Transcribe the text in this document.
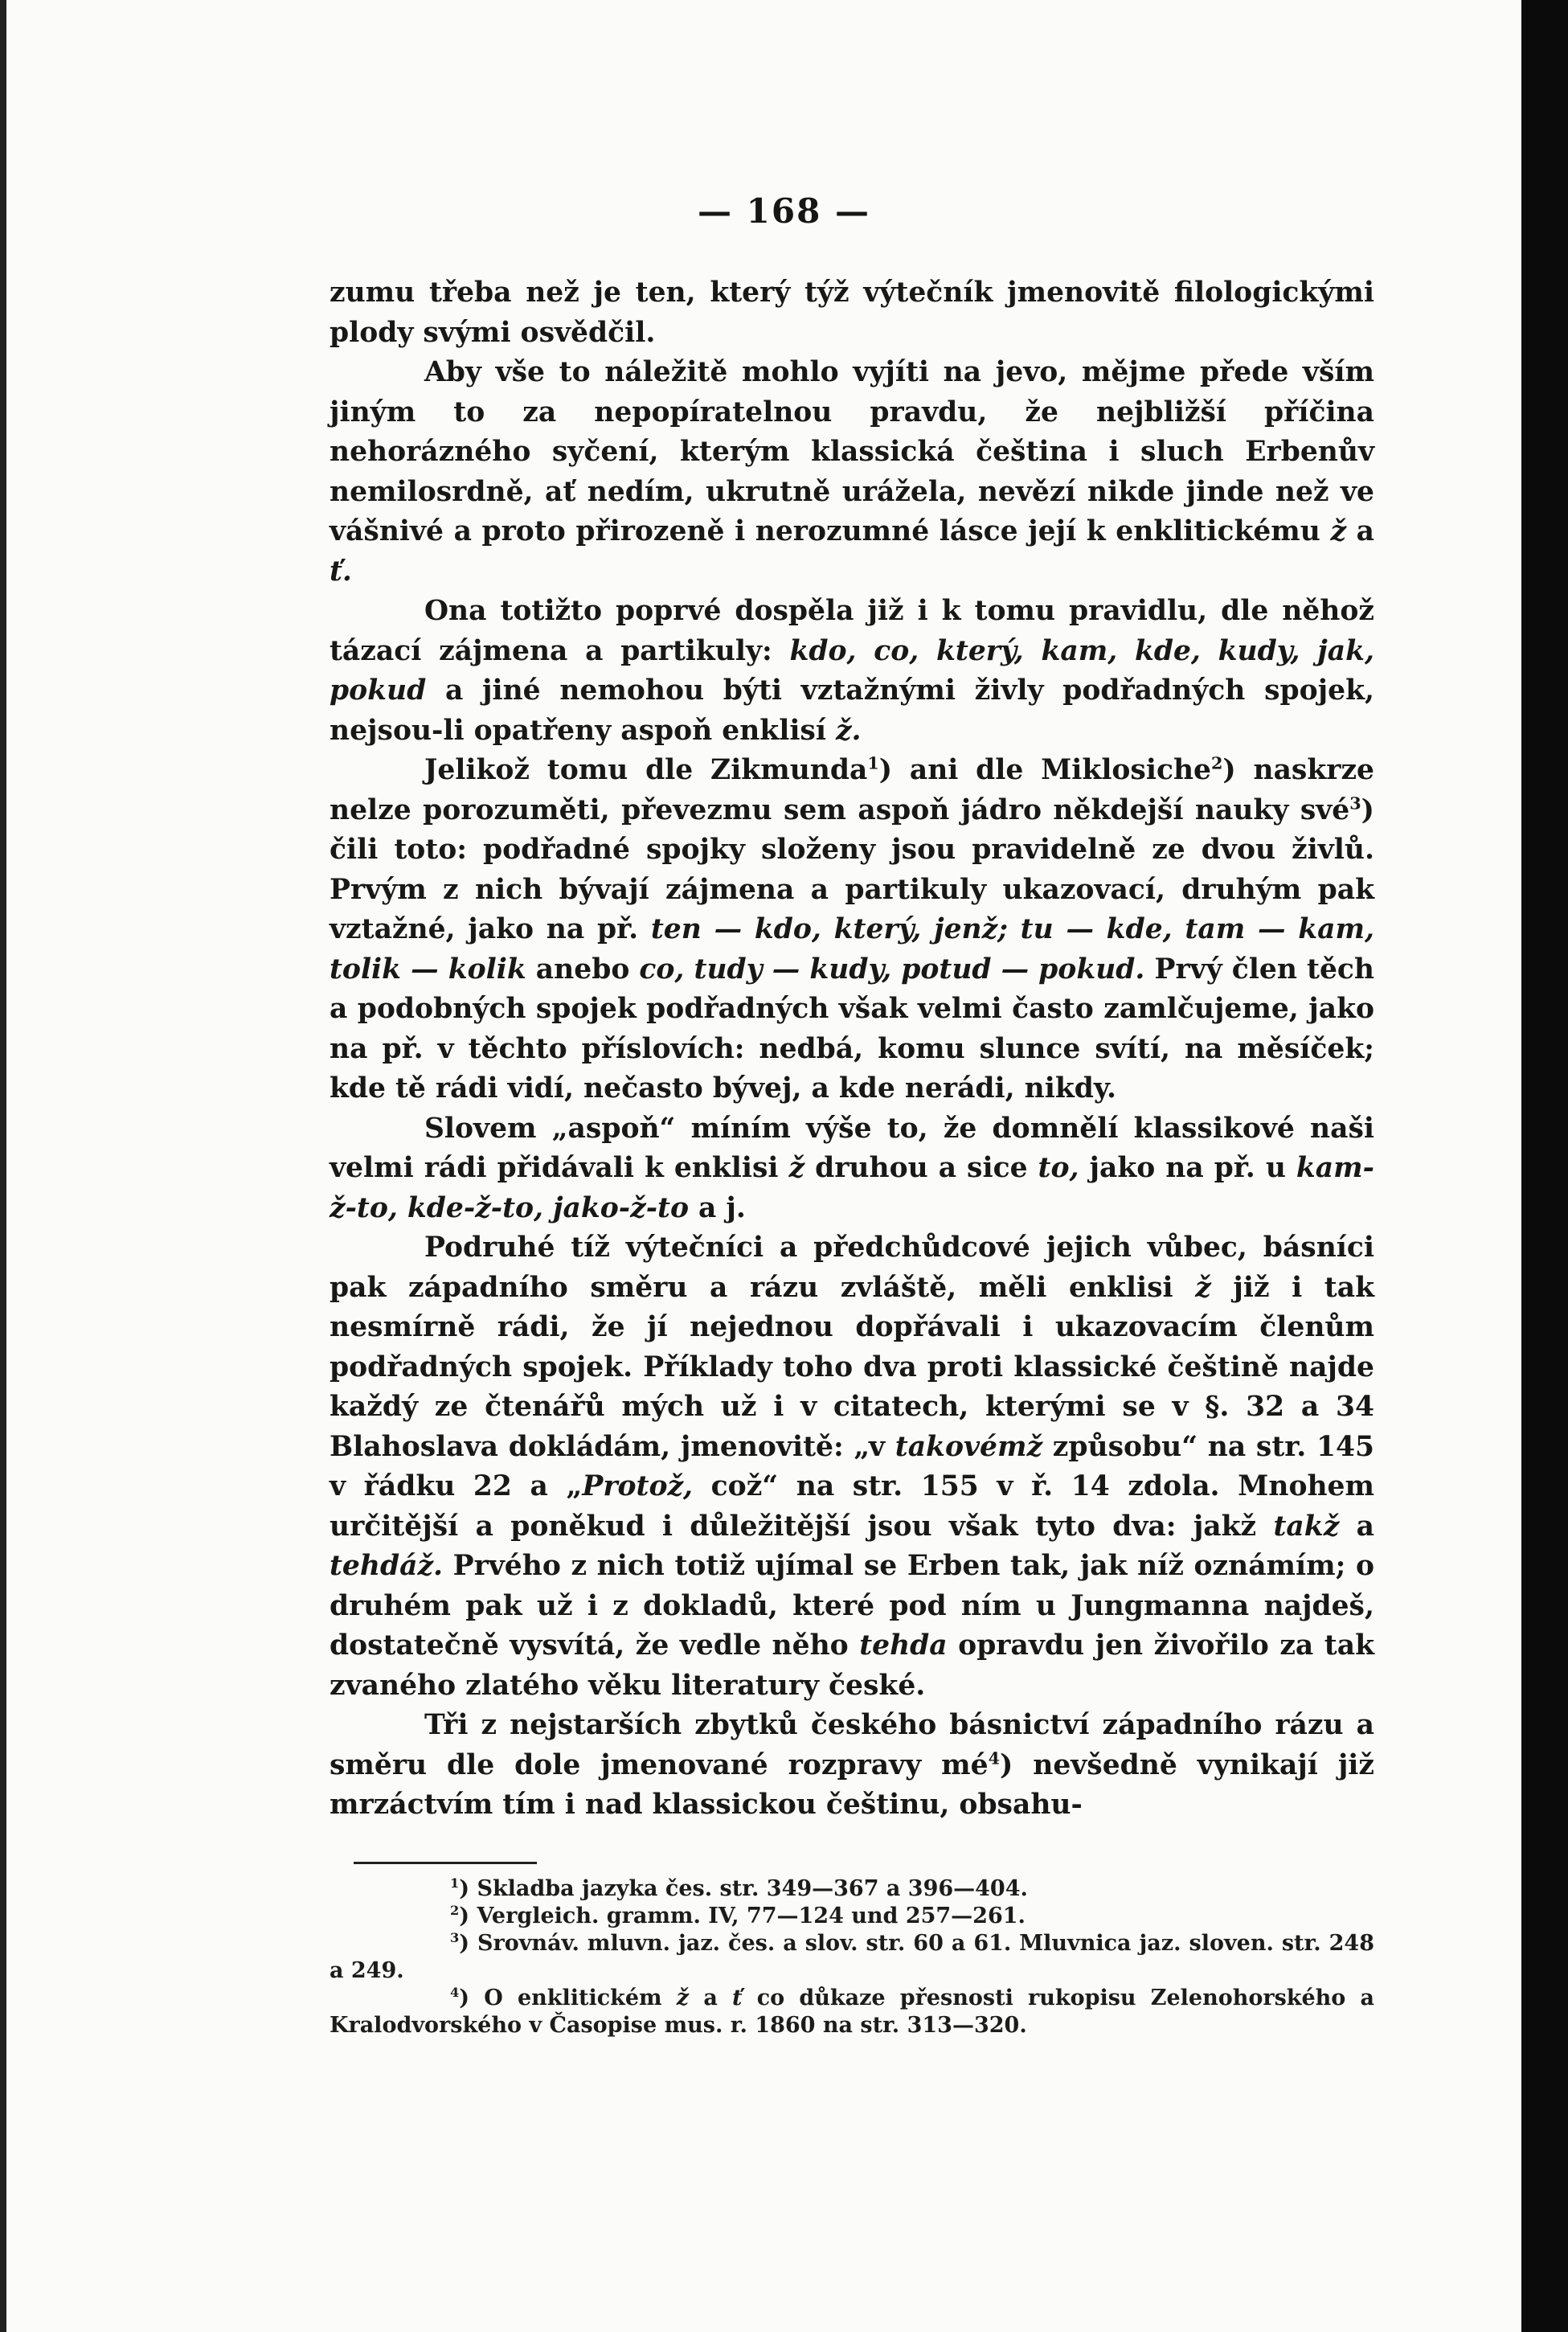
— 168 —

zumu třeba než je ten, který týž výtečník jmenovitě filologickými plody svými osvědčil.

Aby vše to náležitě mohlo vyjíti na jevo, mějme přede vším jiným to za nepopíratelnou pravdu, že nejbližší příčina nehorázného syčení, kterým klassická čeština i sluch Erbenův nemilosrdně, ať nedím, ukrutně urážela, nevězí nikde jinde než ve vášnivé a proto přirozeně i nerozumné lásce její k enklitickému ž a ť.

Ona totižto poprvé dospěla již i k tomu pravidlu, dle něhož tázací zájmena a partikuly: kdo, co, který, kam, kde, kudy, jak, pokud a jiné nemohou býti vztažnými živly podřadných spojek, nejsou-li opatřeny aspoň enklisí ž.

Jelikož tomu dle Zikmunda$^1$) ani dle Miklosiche$^2$) naskrze nelze porozuměti, převezmu sem aspoň jádro někdejší nauky své$^3$) čili toto: podřadné spojky složeny jsou pravidelně ze dvou živlů. Prvým z nich bývají zájmena a partikuly ukazovací, druhým pak vztažné, jako na př. ten — kdo, který, jenž; tu — kde, tam — kam, tolik — kolik anebo co, tudy — kudy, potud — pokud. Prvý člen těch a podobných spojek podřadných však velmi často zamlčujeme, jako na př. v těchto příslovích: nedbá, komu slunce svítí, na měsíček; kde tě rádi vidí, nečasto bývej, a kde nerádi, nikdy.

Slovem „aspoň“ míním výše to, že domnělí klassikové naši velmi rádi přidávali k enklisi ž druhou a sice to, jako na př. u kam-ž-to, kde-ž-to, jako-ž-to a j.

Podruhé tíž výtečníci a předchůdcové jejich vůbec, básníci pak západního směru a rázu zvláště, měli enklisi ž již i tak nesmírně rádi, že jí nejednou dopřávali i ukazovacím členům podřadných spojek. Příklady toho dva proti klassické češtině najde každý ze čtenářů mých už i v citatech, kterými se v §. 32 a 34 Blahoslava dokládám, jmenovitě: „v takovémž způsobu“ na str. 145 v řádku 22 a „Protož, což“ na str. 155 v ř. 14 zdola. Mnohem určitější a poněkud i důležitější jsou však tyto dva: jakž takž a tehdáž. Prvého z nich totiž ujímal se Erben tak, jak níž oznámím; o druhém pak už i z dokladů, které pod ním u Jungmanna najdeš, dostatečně vysvítá, že vedle něho tehda opravdu jen živořilo za tak zvaného zlatého věku literatury české.

Tři z nejstarších zbytků českého básnictví západního rázu a směru dle dole jmenované rozpravy $mé^4$) nevšedně vynikají již mrzáctvím tím i nad klassickou češtinu, obsahu-

$^1$) Skladba jazyka čes. str. 349—367 a 396—404.

$^2$) Vergleich. gramm. IV, 77—124 und 257—261.

$^3$) Srovnáv. mluvn. jaz. čes. a slov. str. 60 a 61. Mluvnica jaz. sloven. str. 248 a 249.

$^4$) O enklitickém ž a ť co důkaze přesnosti rukopisu Zelenohorského a Kralodvorského v Časopise mus. r. 1860 na str. 313—320.
